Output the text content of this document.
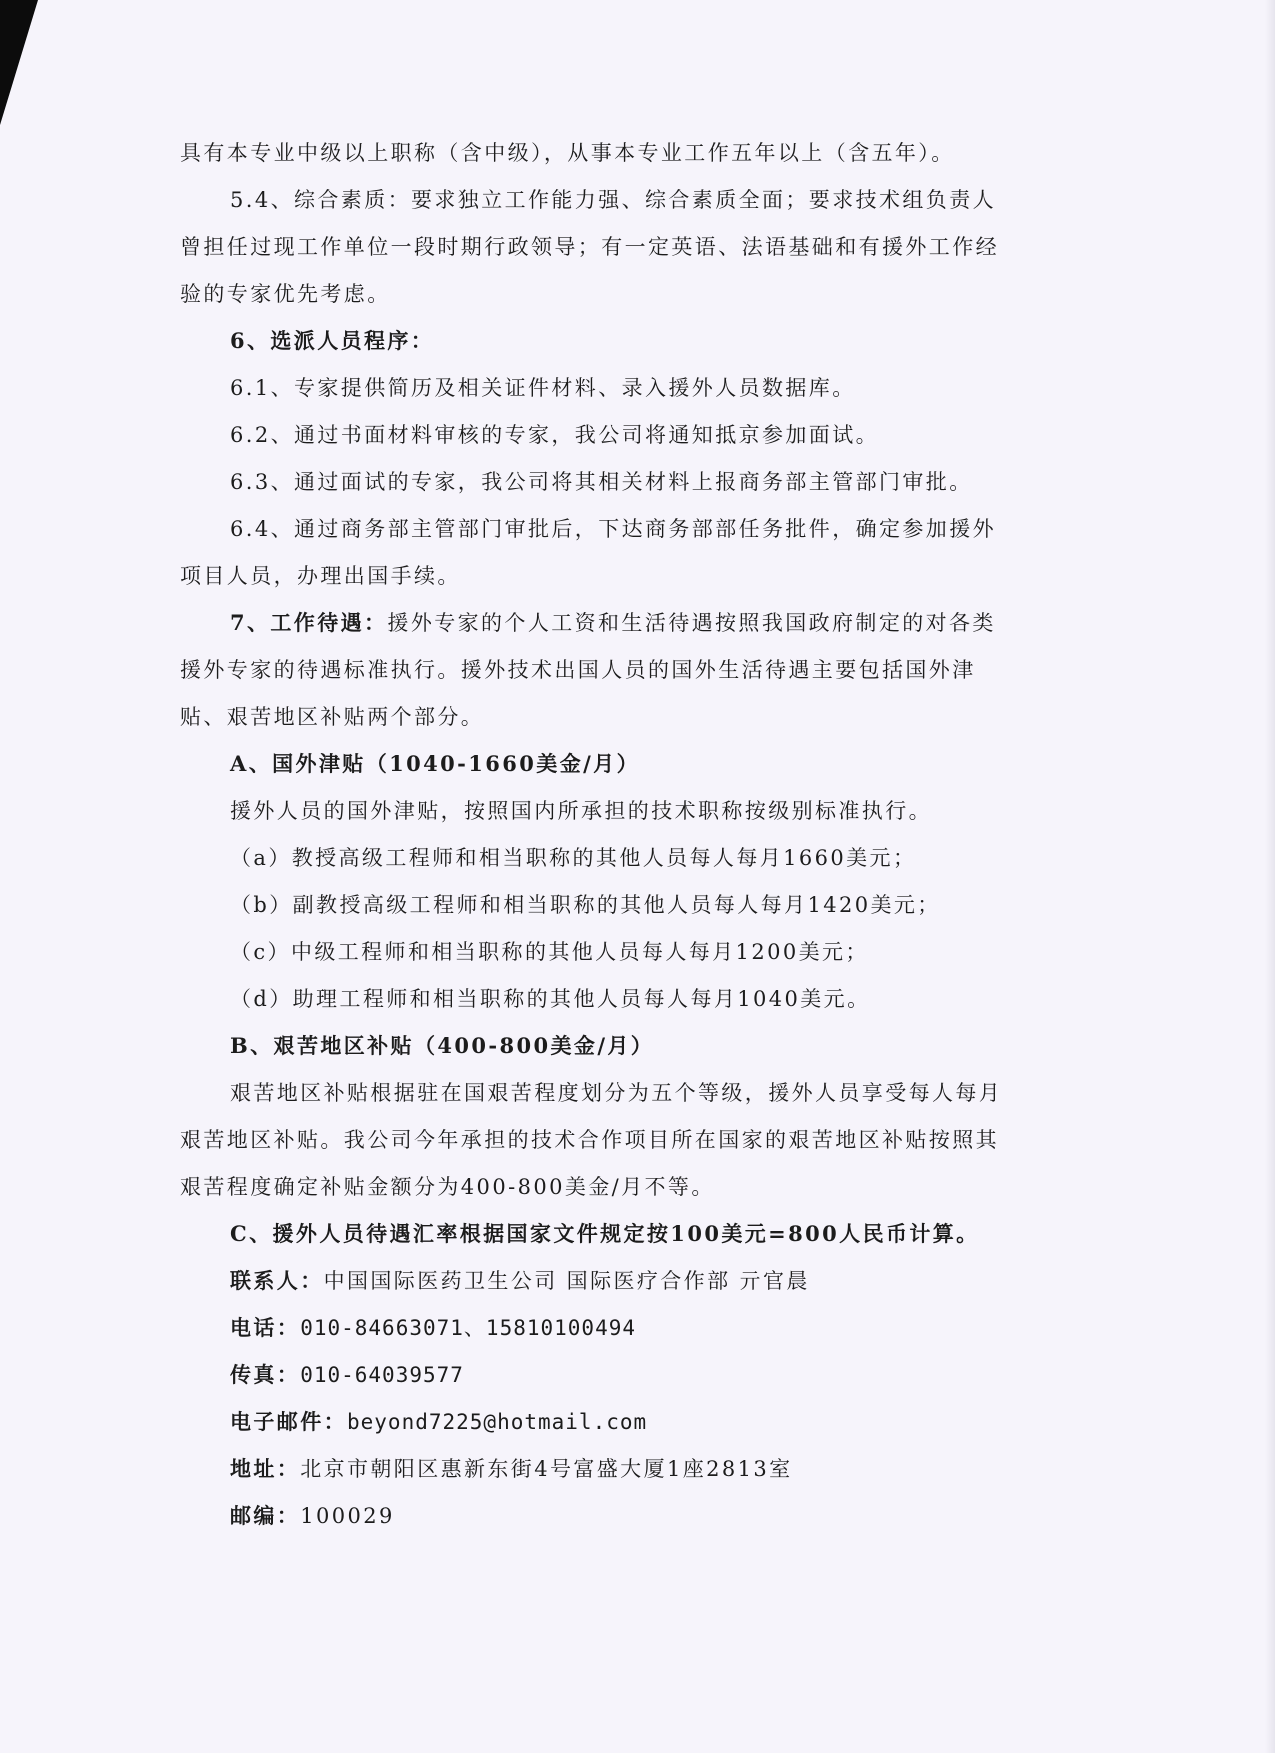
具有本专业中级以上职称（含中级），从事本专业工作五年以上（含五年）。
5.4、综合素质：要求独立工作能力强、综合素质全面；要求技术组负责人
曾担任过现工作单位一段时期行政领导；有一定英语、法语基础和有援外工作经
验的专家优先考虑。
6、选派人员程序：
6.1、专家提供简历及相关证件材料、录入援外人员数据库。
6.2、通过书面材料审核的专家，我公司将通知抵京参加面试。
6.3、通过面试的专家，我公司将其相关材料上报商务部主管部门审批。
6.4、通过商务部主管部门审批后，下达商务部部任务批件，确定参加援外
项目人员，办理出国手续。
7、工作待遇：援外专家的个人工资和生活待遇按照我国政府制定的对各类
援外专家的待遇标准执行。援外技术出国人员的国外生活待遇主要包括国外津
贴、艰苦地区补贴两个部分。
A、国外津贴（1040-1660美金/月）
援外人员的国外津贴，按照国内所承担的技术职称按级别标准执行。
（a）教授高级工程师和相当职称的其他人员每人每月1660美元；
（b）副教授高级工程师和相当职称的其他人员每人每月1420美元；
（c）中级工程师和相当职称的其他人员每人每月1200美元；
（d）助理工程师和相当职称的其他人员每人每月1040美元。
B、艰苦地区补贴（400-800美金/月）
艰苦地区补贴根据驻在国艰苦程度划分为五个等级，援外人员享受每人每月
艰苦地区补贴。我公司今年承担的技术合作项目所在国家的艰苦地区补贴按照其
艰苦程度确定补贴金额分为400-800美金/月不等。
C、援外人员待遇汇率根据国家文件规定按100美元=800人民币计算。
联系人：中国国际医药卫生公司 国际医疗合作部 亓官晨
电话：010-84663071、15810100494
传真：010-64039577
电子邮件：beyond7225@hotmail.com
地址：北京市朝阳区惠新东街4号富盛大厦1座2813室
邮编：100029
